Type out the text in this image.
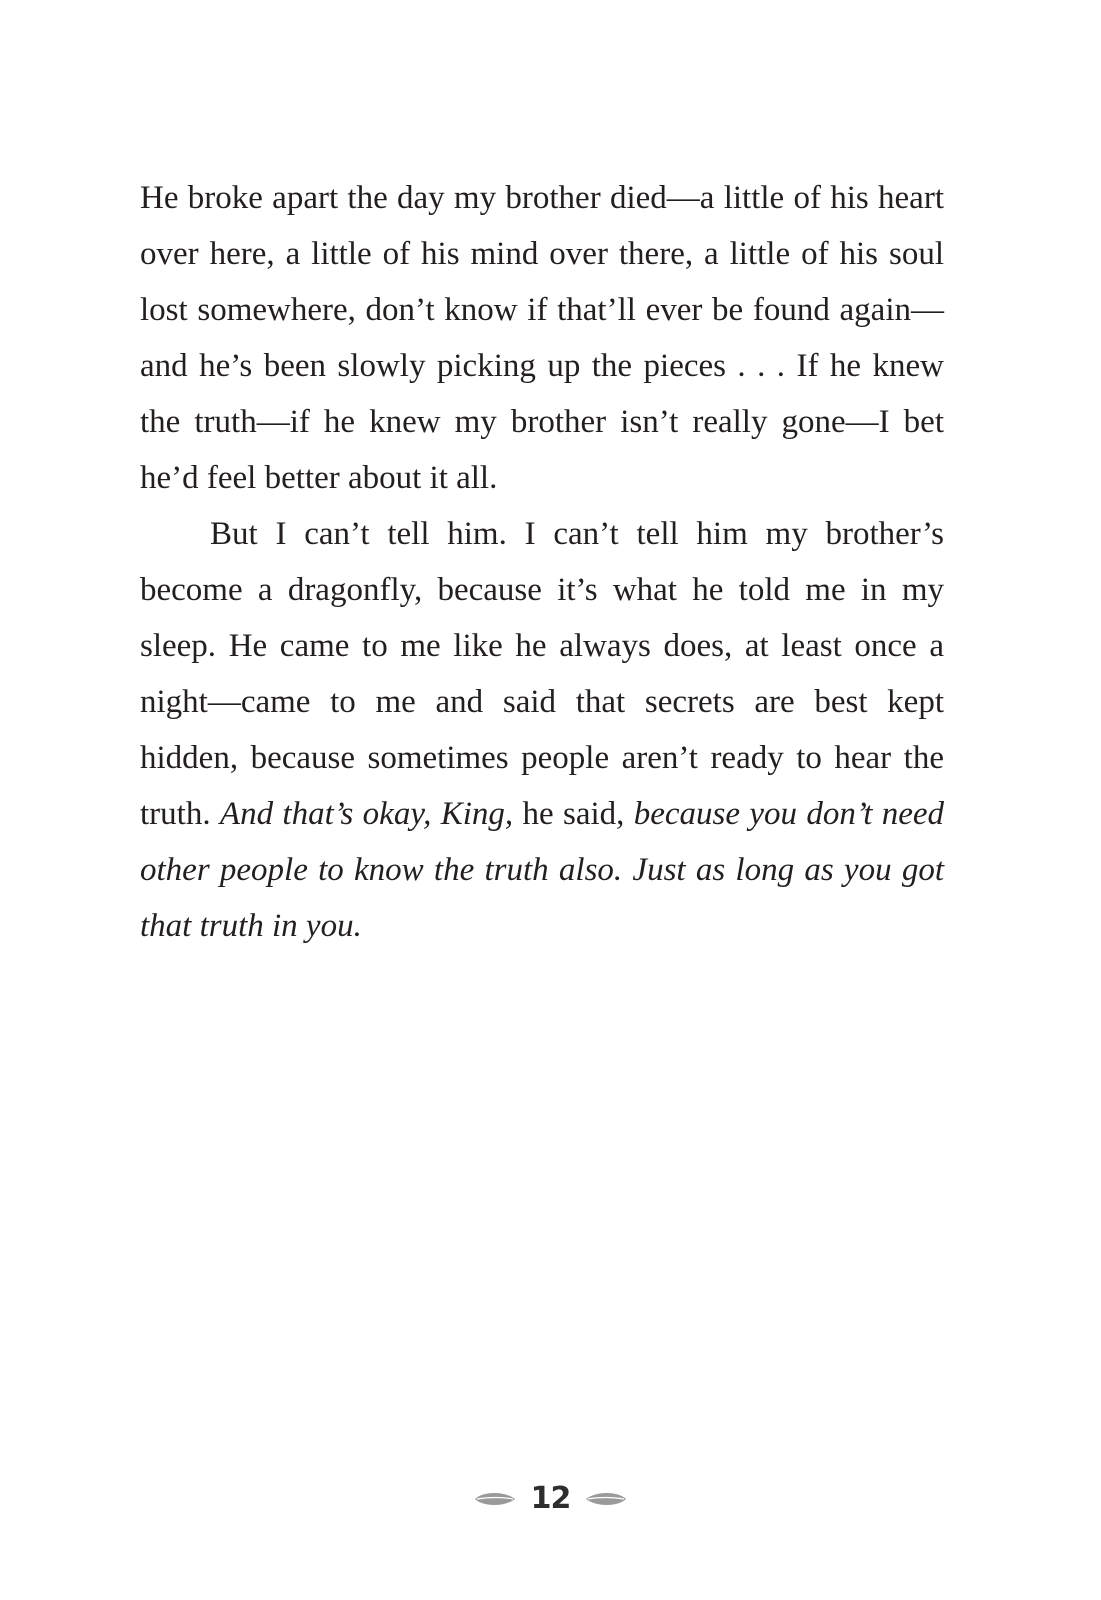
He broke apart the day my brother died—a little of his heart over here, a little of his mind over there, a little of his soul lost somewhere, don’t know if that’ll ever be found again—and he’s been slowly picking up the pieces . . . If he knew the truth—if he knew my brother isn’t really gone—I bet he’d feel better about it all.

But I can’t tell him. I can’t tell him my brother’s become a dragonfly, because it’s what he told me in my sleep. He came to me like he always does, at least once a night—came to me and said that secrets are best kept hidden, because sometimes people aren’t ready to hear the truth. And that’s okay, King, he said, because you don’t need other people to know the truth also. Just as long as you got that truth in you.

12
